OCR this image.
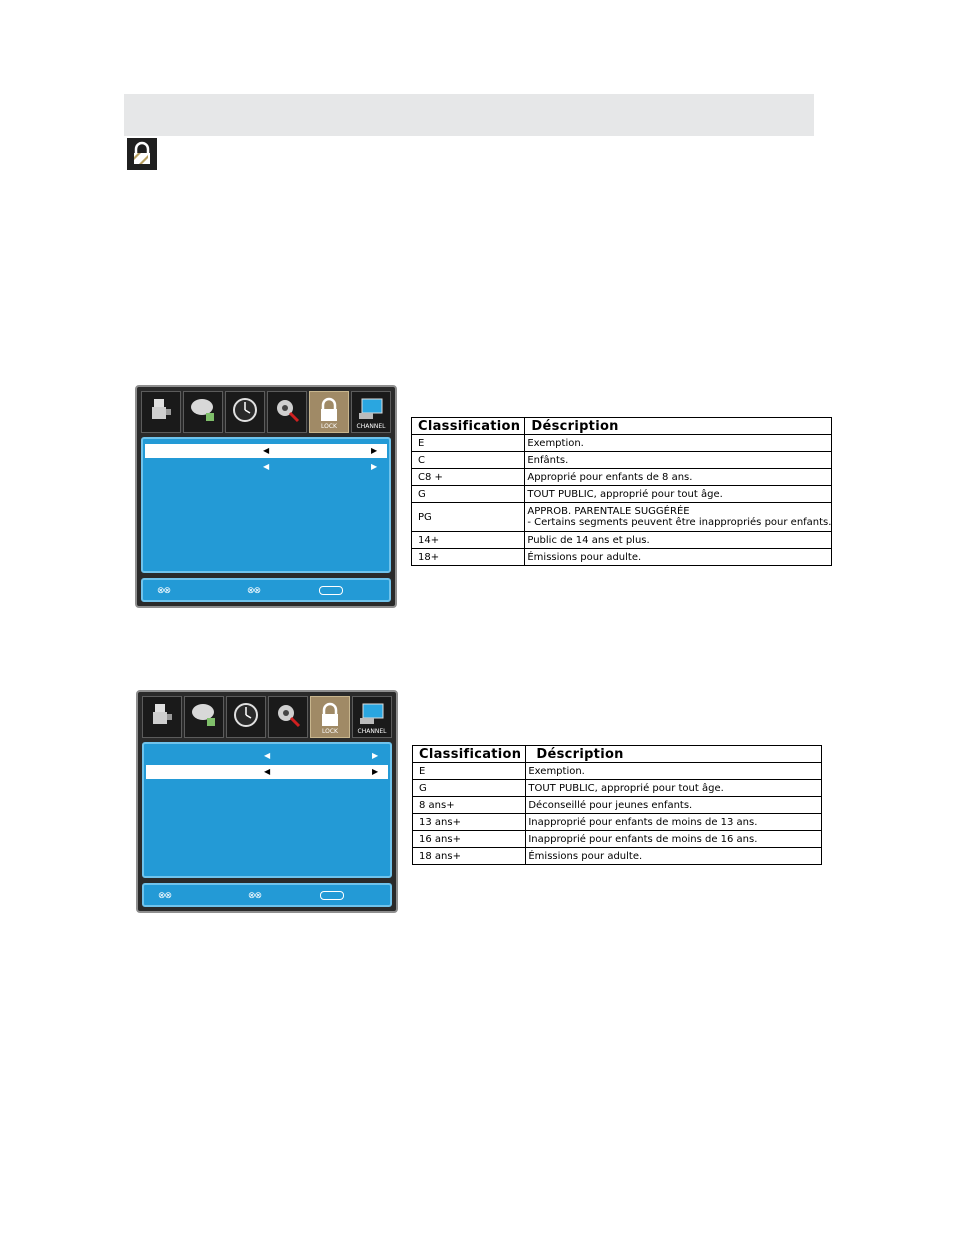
LOCK	CHANNEL
◀	▶
◀	▶
⊗⊗	⊗⊗
LOCK	CHANNEL
◀	▶
◀	▶
⊗⊗	⊗⊗
Classification	Déscription
E	Exemption.
C	Enfânts.
C8 +	Approprié pour enfants de 8 ans.
G	TOUT PUBLIC, approprié pour tout âge.
PG	APPROB. PARENTALE SUGGÉRÉE
- Certains segments peuvent être inappropriés pour enfants.

14+	Public de 14 ans et plus.
18+	Émissions pour adulte.
Classification	Déscription
E	Exemption.
G	TOUT PUBLIC, approprié pour tout âge.
8 ans+	Déconseillé pour jeunes enfants.
13 ans+	Inapproprié pour enfants de moins de 13 ans.
16 ans+	Inapproprié pour enfants de moins de 16 ans.
18 ans+	Émissions pour adulte.
